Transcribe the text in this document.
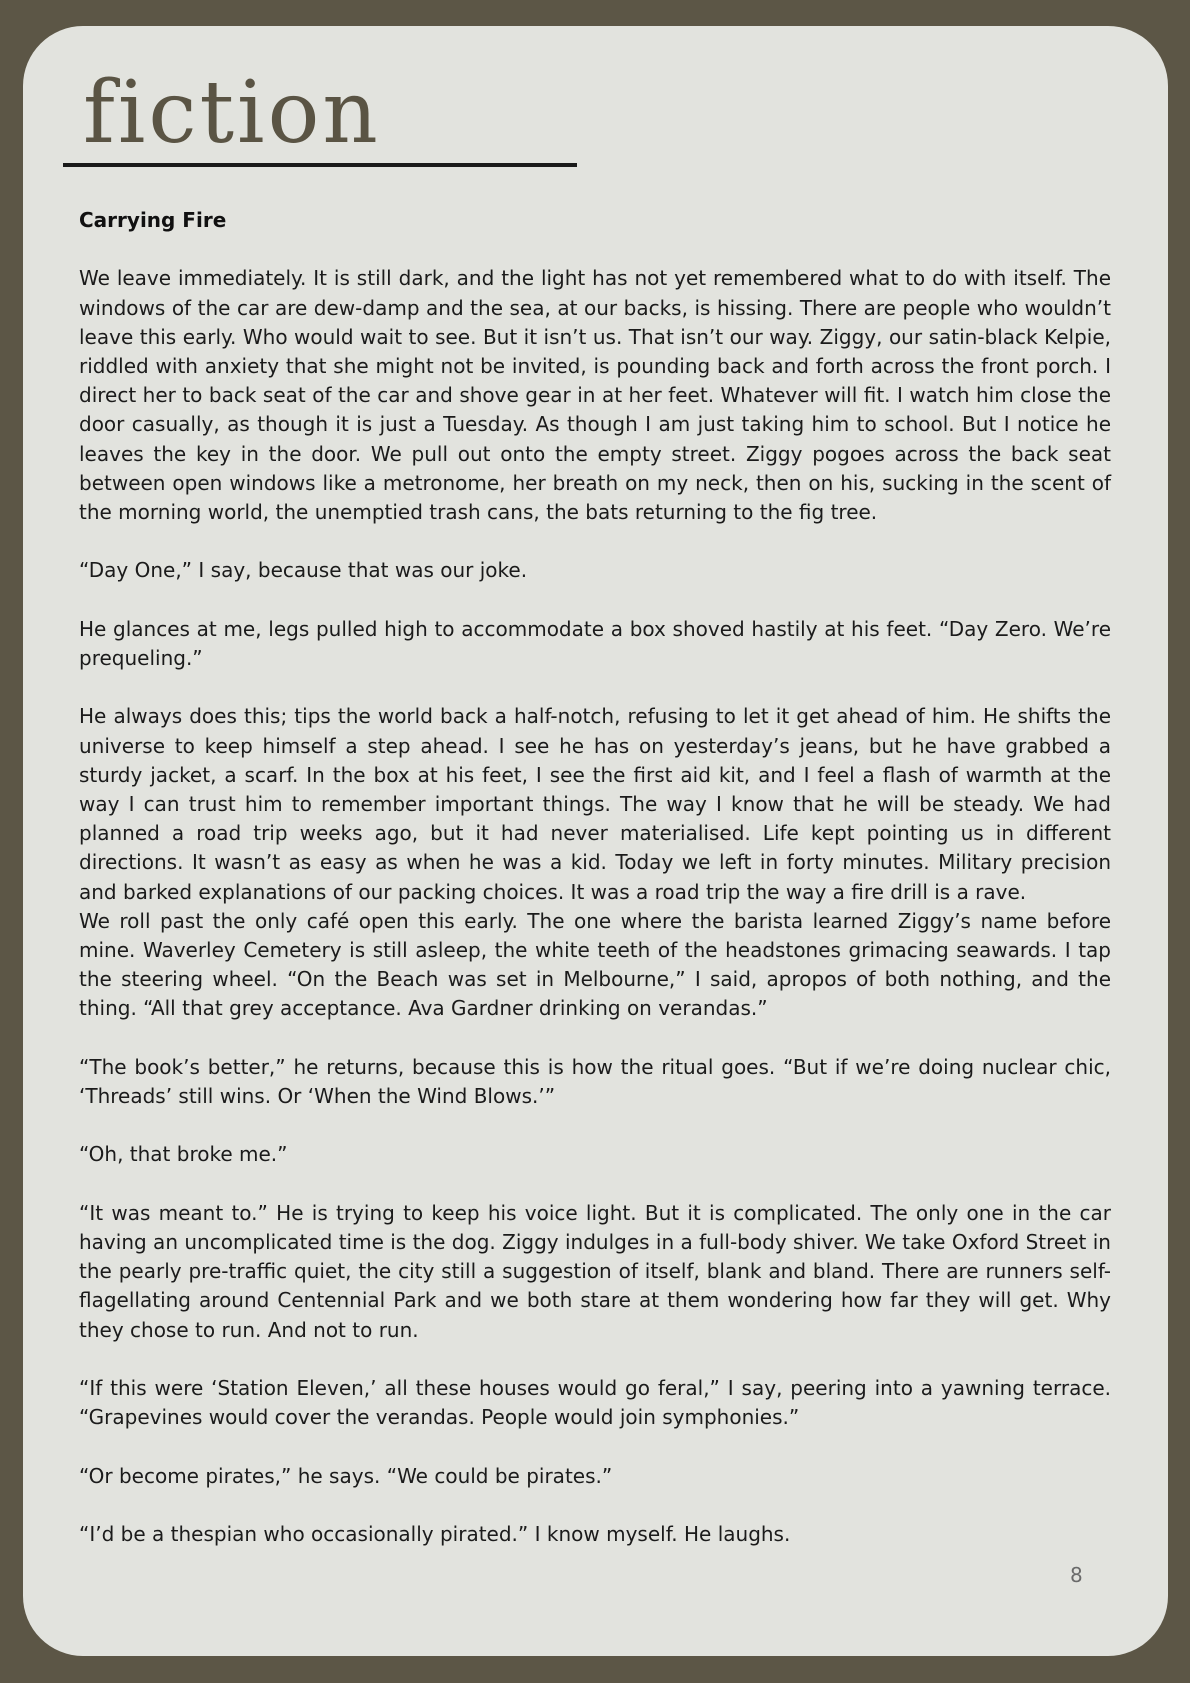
fiction
Carrying Fire

We leave immediately. It is still dark, and the light has not yet remembered what to do with itself. The windows of the car are dew-damp and the sea, at our backs, is hissing. There are people who wouldn’t leave this early. Who would wait to see. But it isn’t us. That isn’t our way. Ziggy, our satin-black Kelpie, riddled with anxiety that she might not be invited, is pounding back and forth across the front porch. I direct her to back seat of the car and shove gear in at her feet. Whatever will fit. I watch him close the door casually, as though it is just a Tuesday. As though I am just taking him to school. But I notice he leaves the key in the door. We pull out onto the empty street. Ziggy pogoes across the back seat between open windows like a metronome, her breath on my neck, then on his, sucking in the scent of the morning world, the unemptied trash cans, the bats returning to the fig tree.

“Day One,” I say, because that was our joke.

He glances at me, legs pulled high to accommodate a box shoved hastily at his feet. “Day Zero. We’re prequeling.”

He always does this; tips the world back a half-notch, refusing to let it get ahead of him. He shifts the universe to keep himself a step ahead. I see he has on yesterday’s jeans, but he have grabbed a sturdy jacket, a scarf. In the box at his feet, I see the first aid kit, and I feel a flash of warmth at the way I can trust him to remember important things. The way I know that he will be steady. We had planned a road trip weeks ago, but it had never materialised. Life kept pointing us in different directions. It wasn’t as easy as when he was a kid. Today we left in forty minutes. Military precision and barked explanations of our packing choices. It was a road trip the way a fire drill is a rave.

We roll past the only café open this early. The one where the barista learned Ziggy’s name before mine. Waverley Cemetery is still asleep, the white teeth of the headstones grimacing seawards. I tap the steering wheel. “On the Beach was set in Melbourne,” I said, apropos of both nothing, and the thing. “All that grey acceptance. Ava Gardner drinking on verandas.”

“The book’s better,” he returns, because this is how the ritual goes. “But if we’re doing nuclear chic, ‘Threads’ still wins. Or ‘When the Wind Blows.’”

“Oh, that broke me.”

“It was meant to.” He is trying to keep his voice light. But it is complicated. The only one in the car having an uncomplicated time is the dog. Ziggy indulges in a full-body shiver. We take Oxford Street in the pearly pre-traffic quiet, the city still a suggestion of itself, blank and bland. There are runners self-flagellating around Centennial Park and we both stare at them wondering how far they will get. Why they chose to run. And not to run.

“If this were ‘Station Eleven,’ all these houses would go feral,” I say, peering into a yawning terrace. “Grapevines would cover the verandas. People would join symphonies.”

“Or become pirates,” he says. “We could be pirates.”

“I’d be a thespian who occasionally pirated.” I know myself. He laughs.

8
